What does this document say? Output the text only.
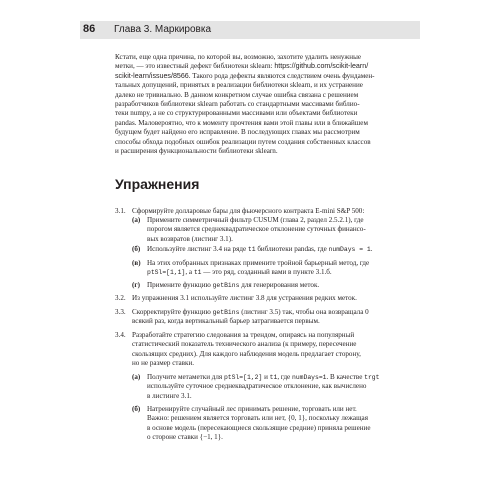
86 Глава 3. Маркировка
Кстати, еще одна причина, по которой вы, возможно, захотите удалить ненужные
метки, — это известный дефект библиотеки sklearn: https://github.com/scikit-learn/
scikit-learn/issues/8566. Такого рода дефекты являются следствием очень фундамен-
тальных допущений, принятых в реализации библиотеки sklearn, и их устранение
далеко не тривиально. В данном конкретном случае ошибка связана с решением
разработчиков библиотеки sklearn работать со стандартными массивами библио-
теки numpy, а не со структурированными массивами или объектами библиотеки
pandas. Маловероятно, что к моменту прочтения вами этой главы или в ближайшем
будущем будет найдено его исправление. В последующих главах мы рассмотрим
способы обхода подобных ошибок реализации путем создания собственных классов
и расширения функциональности библиотеки sklearn.
Упражнения
3.1. Сформируйте долларовые бары для фьючерсного контракта E-mini S&P 500:
(а) Примените симметричный фильтр CUSUM (глава 2, раздел 2.5.2.1), где
порогом является среднеквадратическое отклонение суточных финансо-
вых возвратов (листинг 3.1).
(б) Используйте листинг 3.4 на ряде t1 библиотеки pandas, где numDays = 1.
(в) На этих отобранных признаках примените тройной барьерный метод, где
ptSl=[1,1], а t1 — это ряд, созданный вами в пункте 3.1.б.
(г) Примените функцию getBins для генерирования меток.
3.2. Из упражнения 3.1 используйте листинг 3.8 для устранения редких меток.
3.3. Скорректируйте функцию getBins (листинг 3.5) так, чтобы она возвращала 0
всякий раз, когда вертикальный барьер затрагивается первым.
3.4. Разработайте стратегию следования за трендом, опираясь на популярный
статистический показатель технического анализа (к примеру, пересечение
скользящих средних). Для каждого наблюдения модель предлагает сторону,
но не размер ставки.
(а) Получите метаметки для ptSl=[1,2] и t1, где numDays=1. В качестве trgt
используйте суточное среднеквадратическое отклонение, как вычислено
в листинге 3.1.
(б) Натренируйте случайный лес принимать решение, торговать или нет.
Важно: решением является торговать или нет, {0, 1}, поскольку лежащая
в основе модель (пересекающиеся скользящие средние) приняла решение
о стороне ставки {−1, 1}.
